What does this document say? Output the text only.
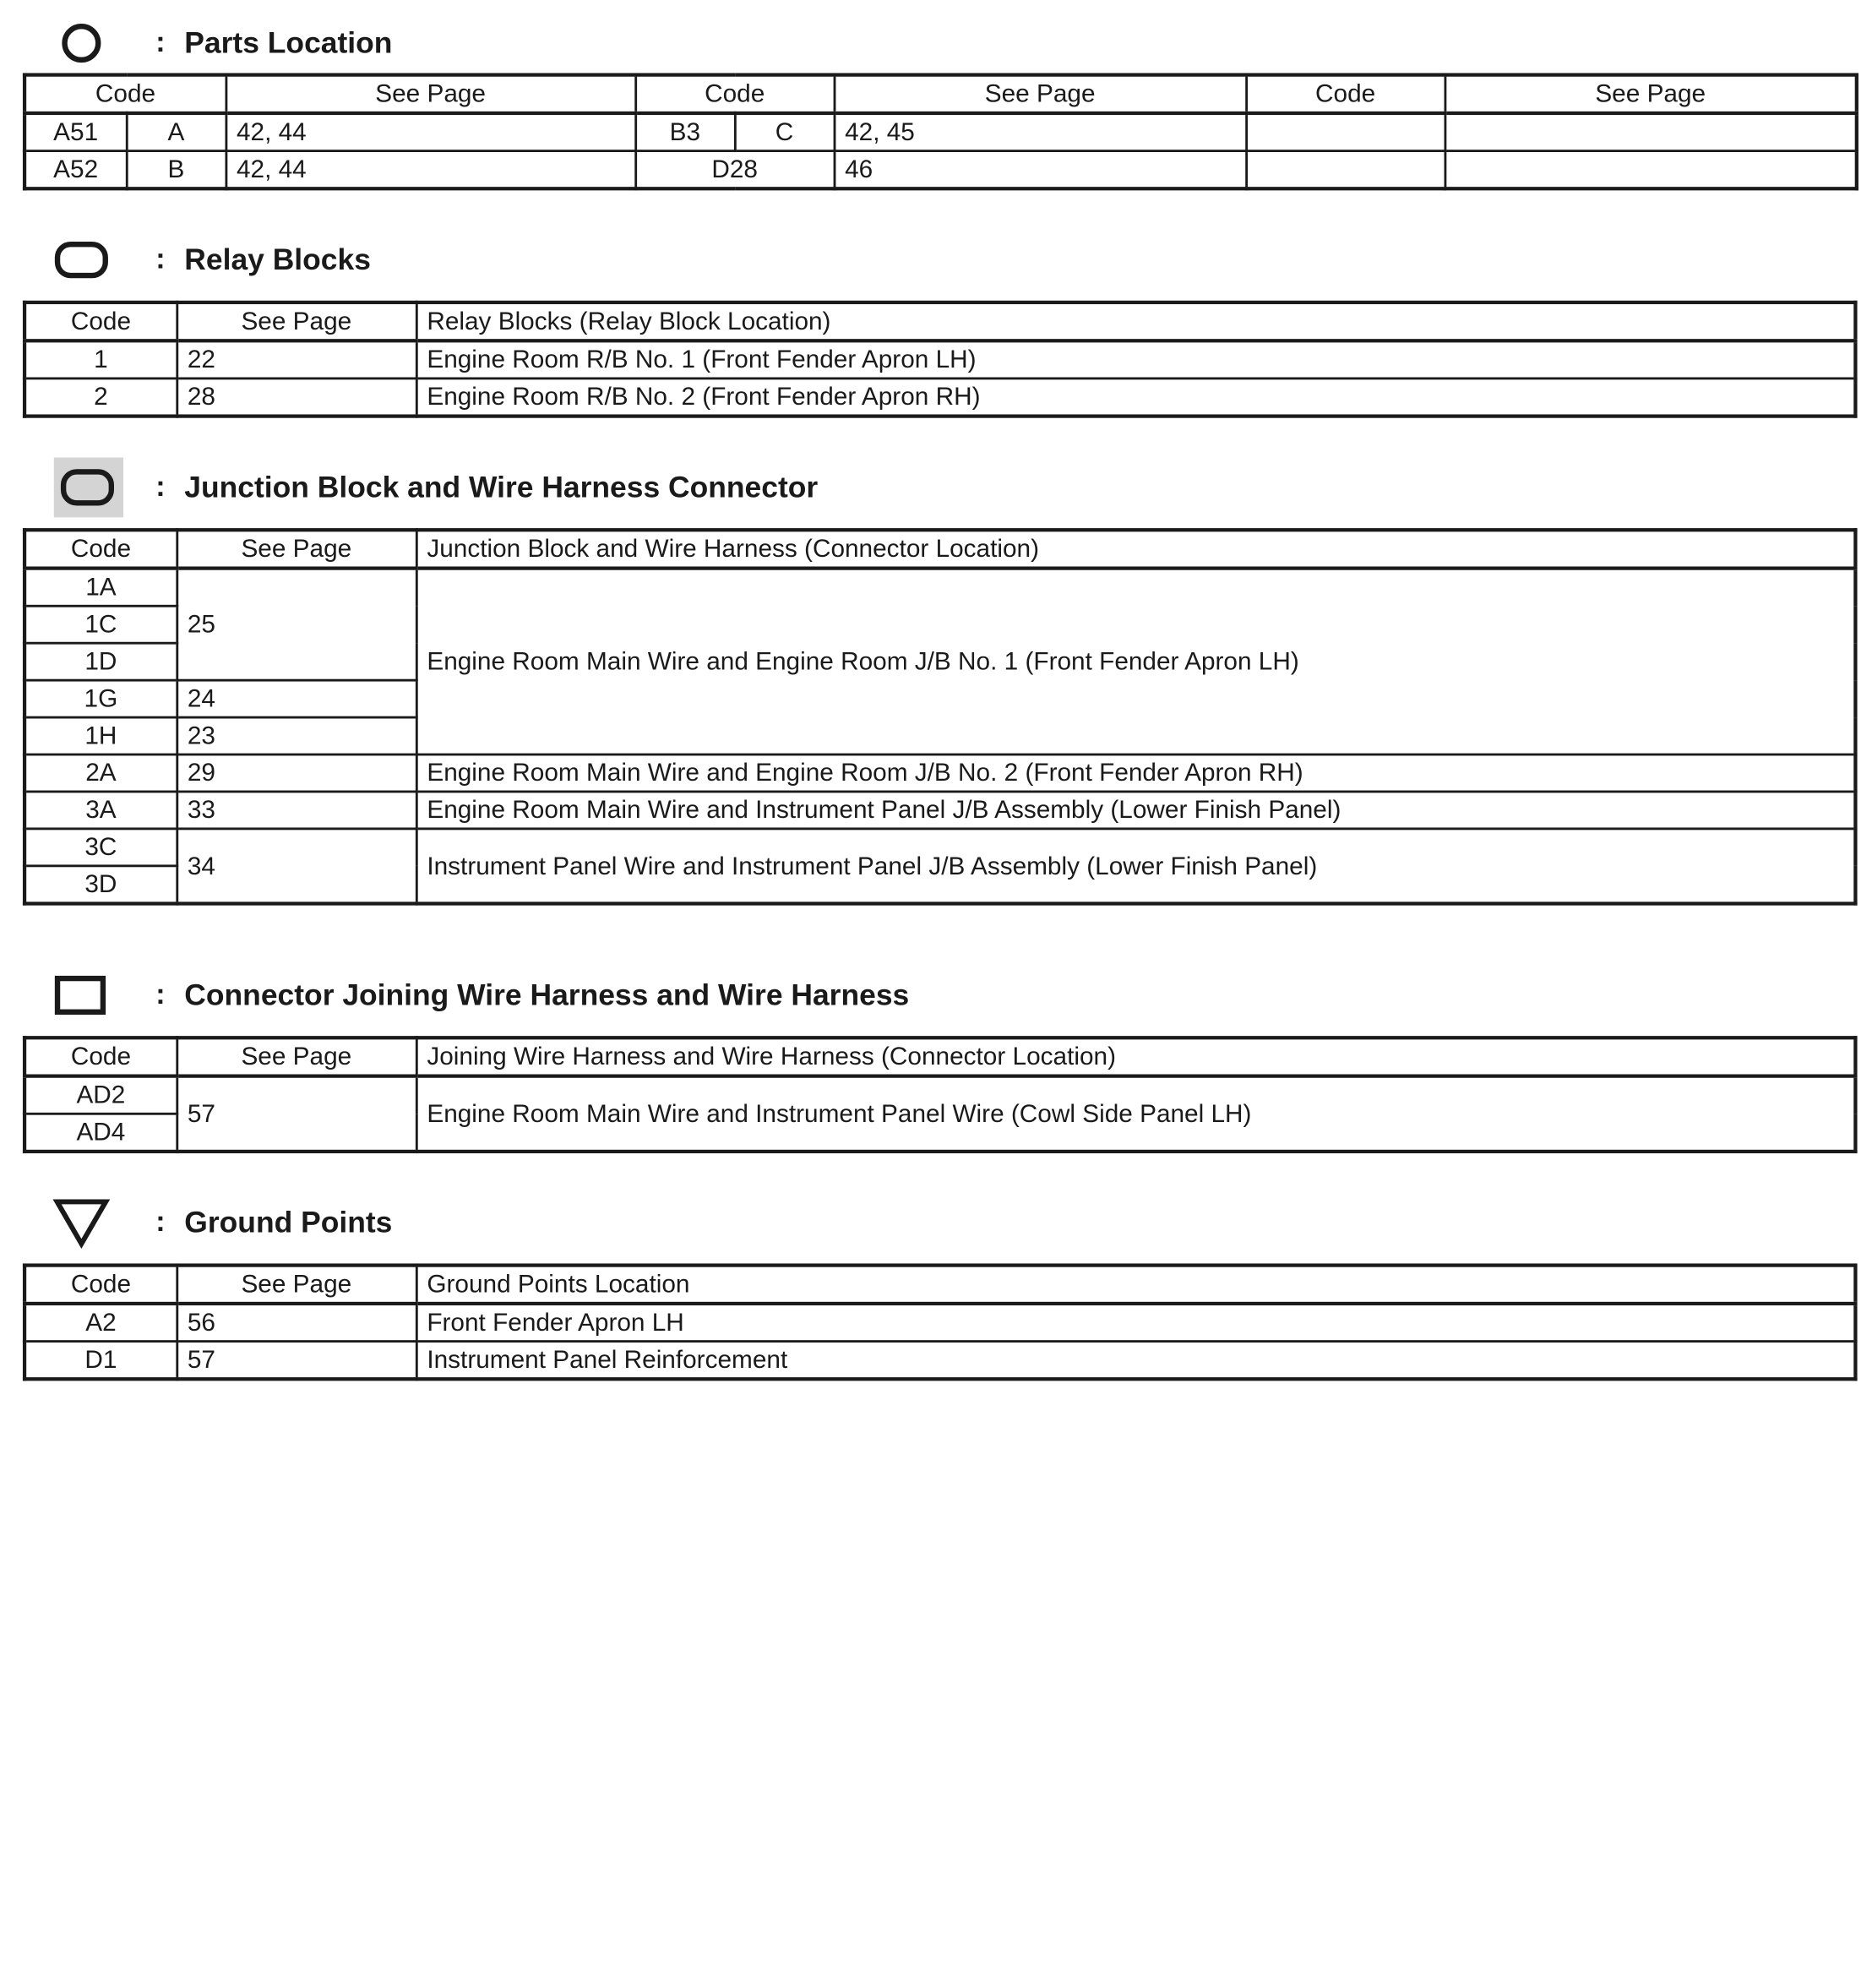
: Parts Location
Code		See Page	Code		See Page	Code	See Page
A51	A	42, 44	B3	C	42, 45		
A52	B	42, 44	D28		46		
: Relay Blocks
Code	See Page	Relay Blocks (Relay Block Location)
1	22	Engine Room R/B No. 1 (Front Fender Apron LH)
2	28	Engine Room R/B No. 2 (Front Fender Apron RH)
: Junction Block and Wire Harness Connector
Code	See Page	Junction Block and Wire Harness (Connector Location)
1A	25	Engine Room Main Wire and Engine Room J/B No. 1 (Front Fender Apron LH)
1C		
1D		
1G	24	
1H	23	
2A	29	Engine Room Main Wire and Engine Room J/B No. 2 (Front Fender Apron RH)
3A	33	Engine Room Main Wire and Instrument Panel J/B Assembly (Lower Finish Panel)
3C	34	Instrument Panel Wire and Instrument Panel J/B Assembly (Lower Finish Panel)
3D		
: Connector Joining Wire Harness and Wire Harness
Code	See Page	Joining Wire Harness and Wire Harness (Connector Location)
AD2	57	Engine Room Main Wire and Instrument Panel Wire (Cowl Side Panel LH)
AD4		
: Ground Points
Code	See Page	Ground Points Location
A2	56	Front Fender Apron LH
D1	57	Instrument Panel Reinforcement
